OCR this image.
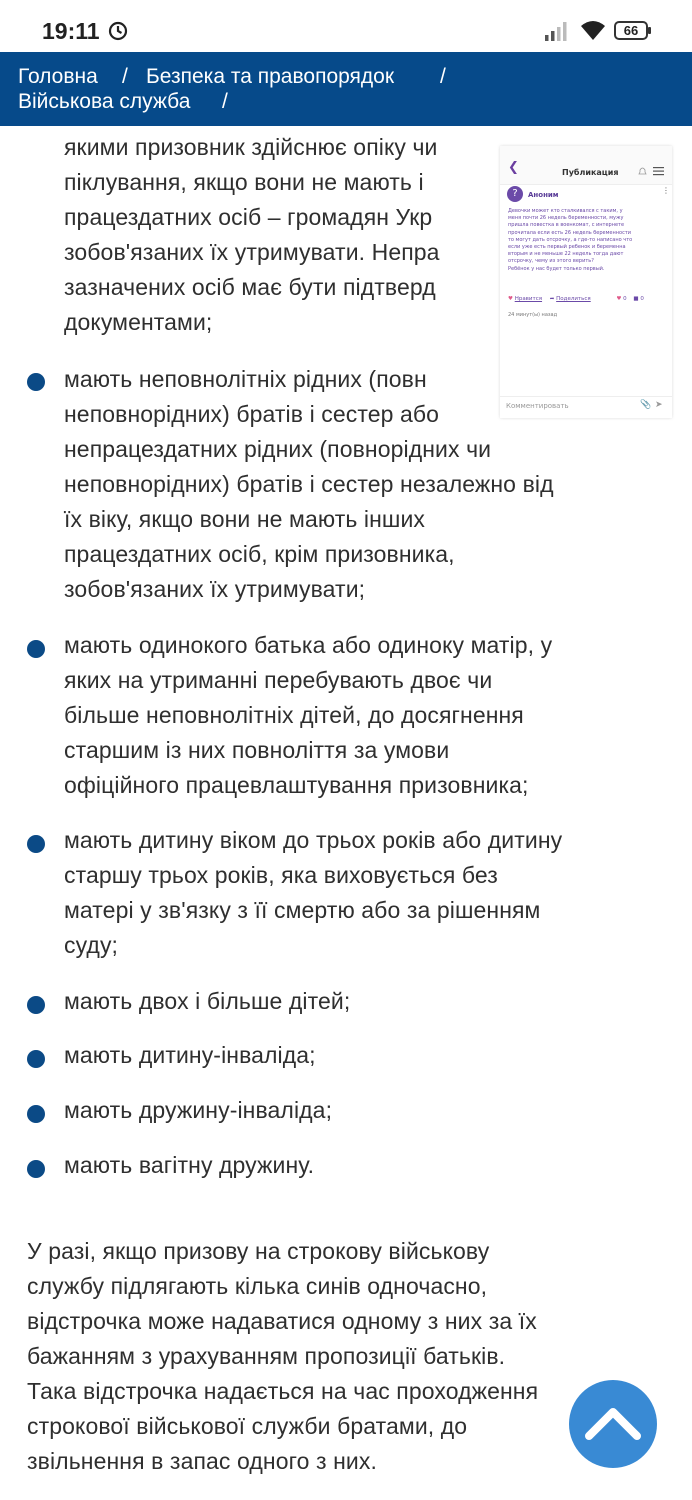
19:11	66
Головна / Безпека та правопорядок /
Військова служба /
якими призовник здійснює опіку чи
піклування, якщо вони не мають і
працездатних осіб – громадян Укр
зобов'язаних їх утримувати. Непра
зазначених осіб має бути підтверд
документами;
мають неповнолітніх рідних (повн
неповнорідних) братів і сестер або
непрацездатних рідних (повнорідних чи
неповнорідних) братів і сестер незалежно від
їх віку, якщо вони не мають інших
працездатних осіб, крім призовника,
зобов'язаних їх утримувати;
мають одинокого батька або одиноку матір, у
яких на утриманні перебувають двоє чи
більше неповнолітніх дітей, до досягнення
старшим із них повноліття за умови
офіційного працевлаштування призовника;
мають дитину віком до трьох років або дитину
старшу трьох років, яка виховується без
матері у зв'язку з її смертю або за рішенням
суду;
мають двох і більше дітей;
мають дитину-інваліда;
мають дружину-інваліда;
мають вагітну дружину.
У разі, якщо призову на строкову військову
службу підлягають кілька синів одночасно,
відстрочка може надаватися одному з них за їх
бажанням з урахуванням пропозиції батьків.
Така відстрочка надається на час проходження
строкової військової служби братами, до
звільнення в запас одного з них.
❮	Публикация
?	Аноним	⋮
Девочки может кто сталкивался с таким, у
меня почти 26 недель беременности, мужу
пришла повестка в военкомат, с интернете
прочитала если есть 26 недель беременности
то могут дать отсрочку, а где-то написано что
если уже есть первый ребенок и беременна
вторым и не меньше 22 недель тогда дают
отсрочку, чему из этого верить?
Ребёнок у нас будет только первый.
♥ Нравится ➦ Поделиться	♥ 0 ■ 0
24 минут(ы) назад
Комментировать	📎 ➤
